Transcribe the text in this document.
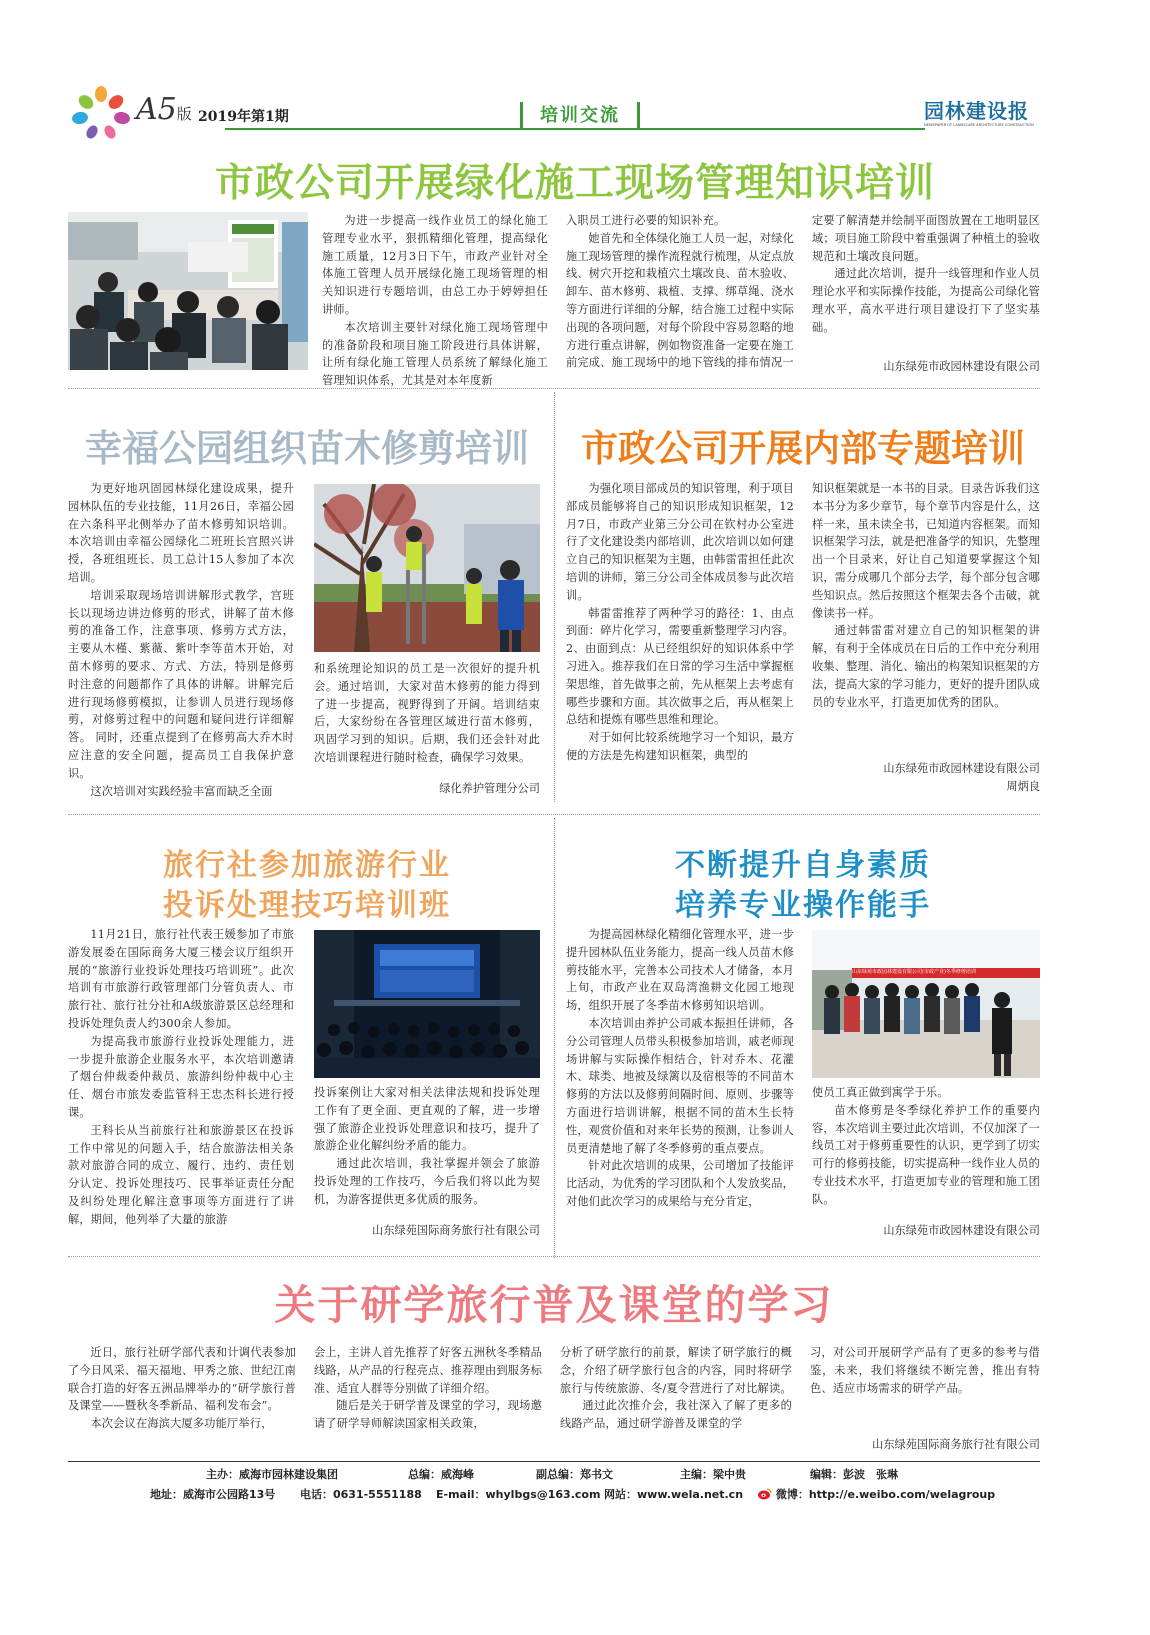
A5版 2019年第1期	培训交流	园林建设报
NEWSPAPER OF LANDSCAPE ARCHITECTURE CONSTRUCTION
市政公司开展绿化施工现场管理知识培训

为进一步提高一线作业员工的绿化施工管理专业水平，狠抓精细化管理，提高绿化施工质量，12月3日下午，市政产业针对全体施工管理人员开展绿化施工现场管理的相关知识进行专题培训，由总工办于婷婷担任讲师。

本次培训主要针对绿化施工现场管理中的准备阶段和项目施工阶段进行具体讲解，让所有绿化施工管理人员系统了解绿化施工管理知识体系，尤其是对本年度新

入职员工进行必要的知识补充。

她首先和全体绿化施工人员一起，对绿化施工现场管理的操作流程就行梳理，从定点放线、树穴开挖和栽植穴土壤改良、苗木验收、卸车、苗木修剪、栽植、支撑、绑草绳、浇水等方面进行详细的分解，结合施工过程中实际出现的各项问题，对每个阶段中容易忽略的地方进行重点讲解，例如物资准备一定要在施工前完成、施工现场中的地下管线的排布情况一

定要了解清楚并绘制平面图放置在工地明显区域；项目施工阶段中着重强调了种植土的验收规范和土壤改良问题。

通过此次培训，提升一线管理和作业人员理论水平和实际操作技能，为提高公司绿化管理水平，高水平进行项目建设打下了坚实基础。

山东绿苑市政园林建设有限公司
幸福公园组织苗木修剪培训

为更好地巩固园林绿化建设成果，提升园林队伍的专业技能，11月26日，幸福公园在六条科平北侧举办了苗木修剪知识培训。本次培训由幸福公园绿化二班班长宫照兴讲授，各班组班长、员工总计15人参加了本次培训。

培训采取现场培训讲解形式教学，宫班长以现场边讲边修剪的形式，讲解了苗木修剪的准备工作，注意事项、修剪方式方法，主要从木槿、紫薇、紫叶李等苗木开始，对苗木修剪的要求、方式、方法，特别是修剪时注意的问题都作了具体的讲解。讲解完后进行现场修剪模拟，让参训人员进行现场修剪，对修剪过程中的问题和疑问进行详细解答。 同时，还重点提到了在修剪高大乔木时应注意的安全问题，提高员工自我保护意识。

这次培训对实践经验丰富而缺乏全面

和系统理论知识的员工是一次很好的提升机会。通过培训，大家对苗木修剪的能力得到了进一步提高，视野得到了开阔。培训结束后，大家纷纷在各管理区域进行苗木修剪，巩固学习到的知识。后期，我们还会针对此次培训课程进行随时检查，确保学习效果。

绿化养护管理分公司
市政公司开展内部专题培训

为强化项目部成员的知识管理，利于项目部成员能够将自己的知识形成知识框架，12月7日，市政产业第三分公司在钦村办公室进行了文化建设类内部培训，此次培训以如何建立自己的知识框架为主题，由韩雷雷担任此次培训的讲师，第三分公司全体成员参与此次培训。

韩雷雷推荐了两种学习的路径：1、由点到面：碎片化学习，需要重新整理学习内容。2、由面到点：从已经组织好的知识体系中学习进入。推荐我们在日常的学习生活中掌握框架思维，首先做事之前，先从框架上去考虑有哪些步骤和方面。其次做事之后，再从框架上总结和提炼有哪些思维和理论。

对于如何比较系统地学习一个知识，最方便的方法是先构建知识框架，典型的

知识框架就是一本书的目录。目录告诉我们这本书分为多少章节，每个章节内容是什么，这样一来，虽未读全书，已知道内容框架。而知识框架学习法，就是把准备学的知识，先整理出一个目录来，好让自己知道要掌握这个知识，需分成哪几个部分去学，每个部分包含哪些知识点。然后按照这个框架去各个击破，就像读书一样。

通过韩雷雷对建立自己的知识框架的讲解，有利于全体成员在日后的工作中充分利用收集、整理、消化、输出的构架知识框架的方法，提高大家的学习能力，更好的提升团队成员的专业水平，打造更加优秀的团队。

山东绿苑市政园林建设有限公司
周炳良
旅行社参加旅游行业
投诉处理技巧培训班

11月21日，旅行社代表王媛参加了市旅游发展委在国际商务大厦三楼会议厅组织开展的“旅游行业投诉处理技巧培训班”。此次培训有市旅游行政管理部门分管负责人、市旅行社、旅行社分社和A级旅游景区总经理和投诉处理负责人约300余人参加。

为提高我市旅游行业投诉处理能力，进一步提升旅游企业服务水平，本次培训邀请了烟台仲裁委仲裁员、旅游纠纷仲裁中心主任、烟台市旅发委监管科王忠杰科长进行授课。

王科长从当前旅行社和旅游景区在投诉工作中常见的问题入手，结合旅游法相关条款对旅游合同的成立、履行、违约、责任划分认定、投诉处理技巧、民事举证责任分配及纠纷处理化解注意事项等方面进行了讲解，期间，他列举了大量的旅游

投诉案例让大家对相关法律法规和投诉处理工作有了更全面、更直观的了解，进一步增强了旅游企业投诉处理意识和技巧，提升了旅游企业化解纠纷矛盾的能力。

通过此次培训，我社掌握并领会了旅游投诉处理的工作技巧，今后我们将以此为契机，为游客提供更多优质的服务。

山东绿苑国际商务旅行社有限公司
不断提升自身素质
培养专业操作能手

为提高园林绿化精细化管理水平，进一步提升园林队伍业务能力，提高一线人员苗木修剪技能水平，完善本公司技术人才储备，本月上旬，市政产业在双岛湾渔耕文化园工地现场，组织开展了冬季苗木修剪知识培训。

本次培训由养护公司戚本振担任讲师，各分公司管理人员带头积极参加培训，戚老师现场讲解与实际操作相结合，针对乔木、花灌木、球类、地被及绿篱以及宿根等的不同苗木修剪的方法以及修剪间隔时间、原则、步骤等方面进行培训讲解，根据不同的苗木生长特性，观赏价值和对来年长势的预测，让参训人员更清楚地了解了冬季修剪的重点要点。

针对此次培训的成果，公司增加了技能评比活动，为优秀的学习团队和个人发放奖品，对他们此次学习的成果给与充分肯定，

山东绿苑市政园林建设有限公司(市政产业)冬季修剪培训

使员工真正做到寓学于乐。

苗木修剪是冬季绿化养护工作的重要内容，本次培训主要过此次培训，不仅加深了一线员工对于修剪重要性的认识，更学到了切实可行的修剪技能，切实提高种一线作业人员的专业技术水平，打造更加专业的管理和施工团队。

山东绿苑市政园林建设有限公司
关于研学旅行普及课堂的学习

近日，旅行社研学部代表和计调代表参加了今日风采、福天福地、甲秀之旅、世纪江南联合打造的好客五洲品牌举办的“研学旅行普及课堂——暨秋冬季新品、福利发布会”。

本次会议在海滨大厦多功能厅举行，

会上，主讲人首先推荐了好客五洲秋冬季精品线路，从产品的行程亮点、推荐理由到服务标准、适宜人群等分别做了详细介绍。

随后是关于研学普及课堂的学习，现场邀请了研学导师解读国家相关政策，

分析了研学旅行的前景，解读了研学旅行的概念，介绍了研学旅行包含的内容，同时将研学旅行与传统旅游、冬/夏令营进行了对比解读。

通过此次推介会，我社深入了解了更多的线路产品，通过研学游普及课堂的学

习，对公司开展研学产品有了更多的参考与借鉴，未来，我们将继续不断完善，推出有特色、适应市场需求的研学产品。

山东绿苑国际商务旅行社有限公司
主办：威海市园林建设集团	总编：威海峰	副总编：郑书文	主编：梁中贵	编辑：彭波　张琳
地址：威海市公园路13号 电话：0631-5551188 E-mail：whylbgs@163.com 网站：www.wela.net.cn	微博：http://e.weibo.com/welagroup
